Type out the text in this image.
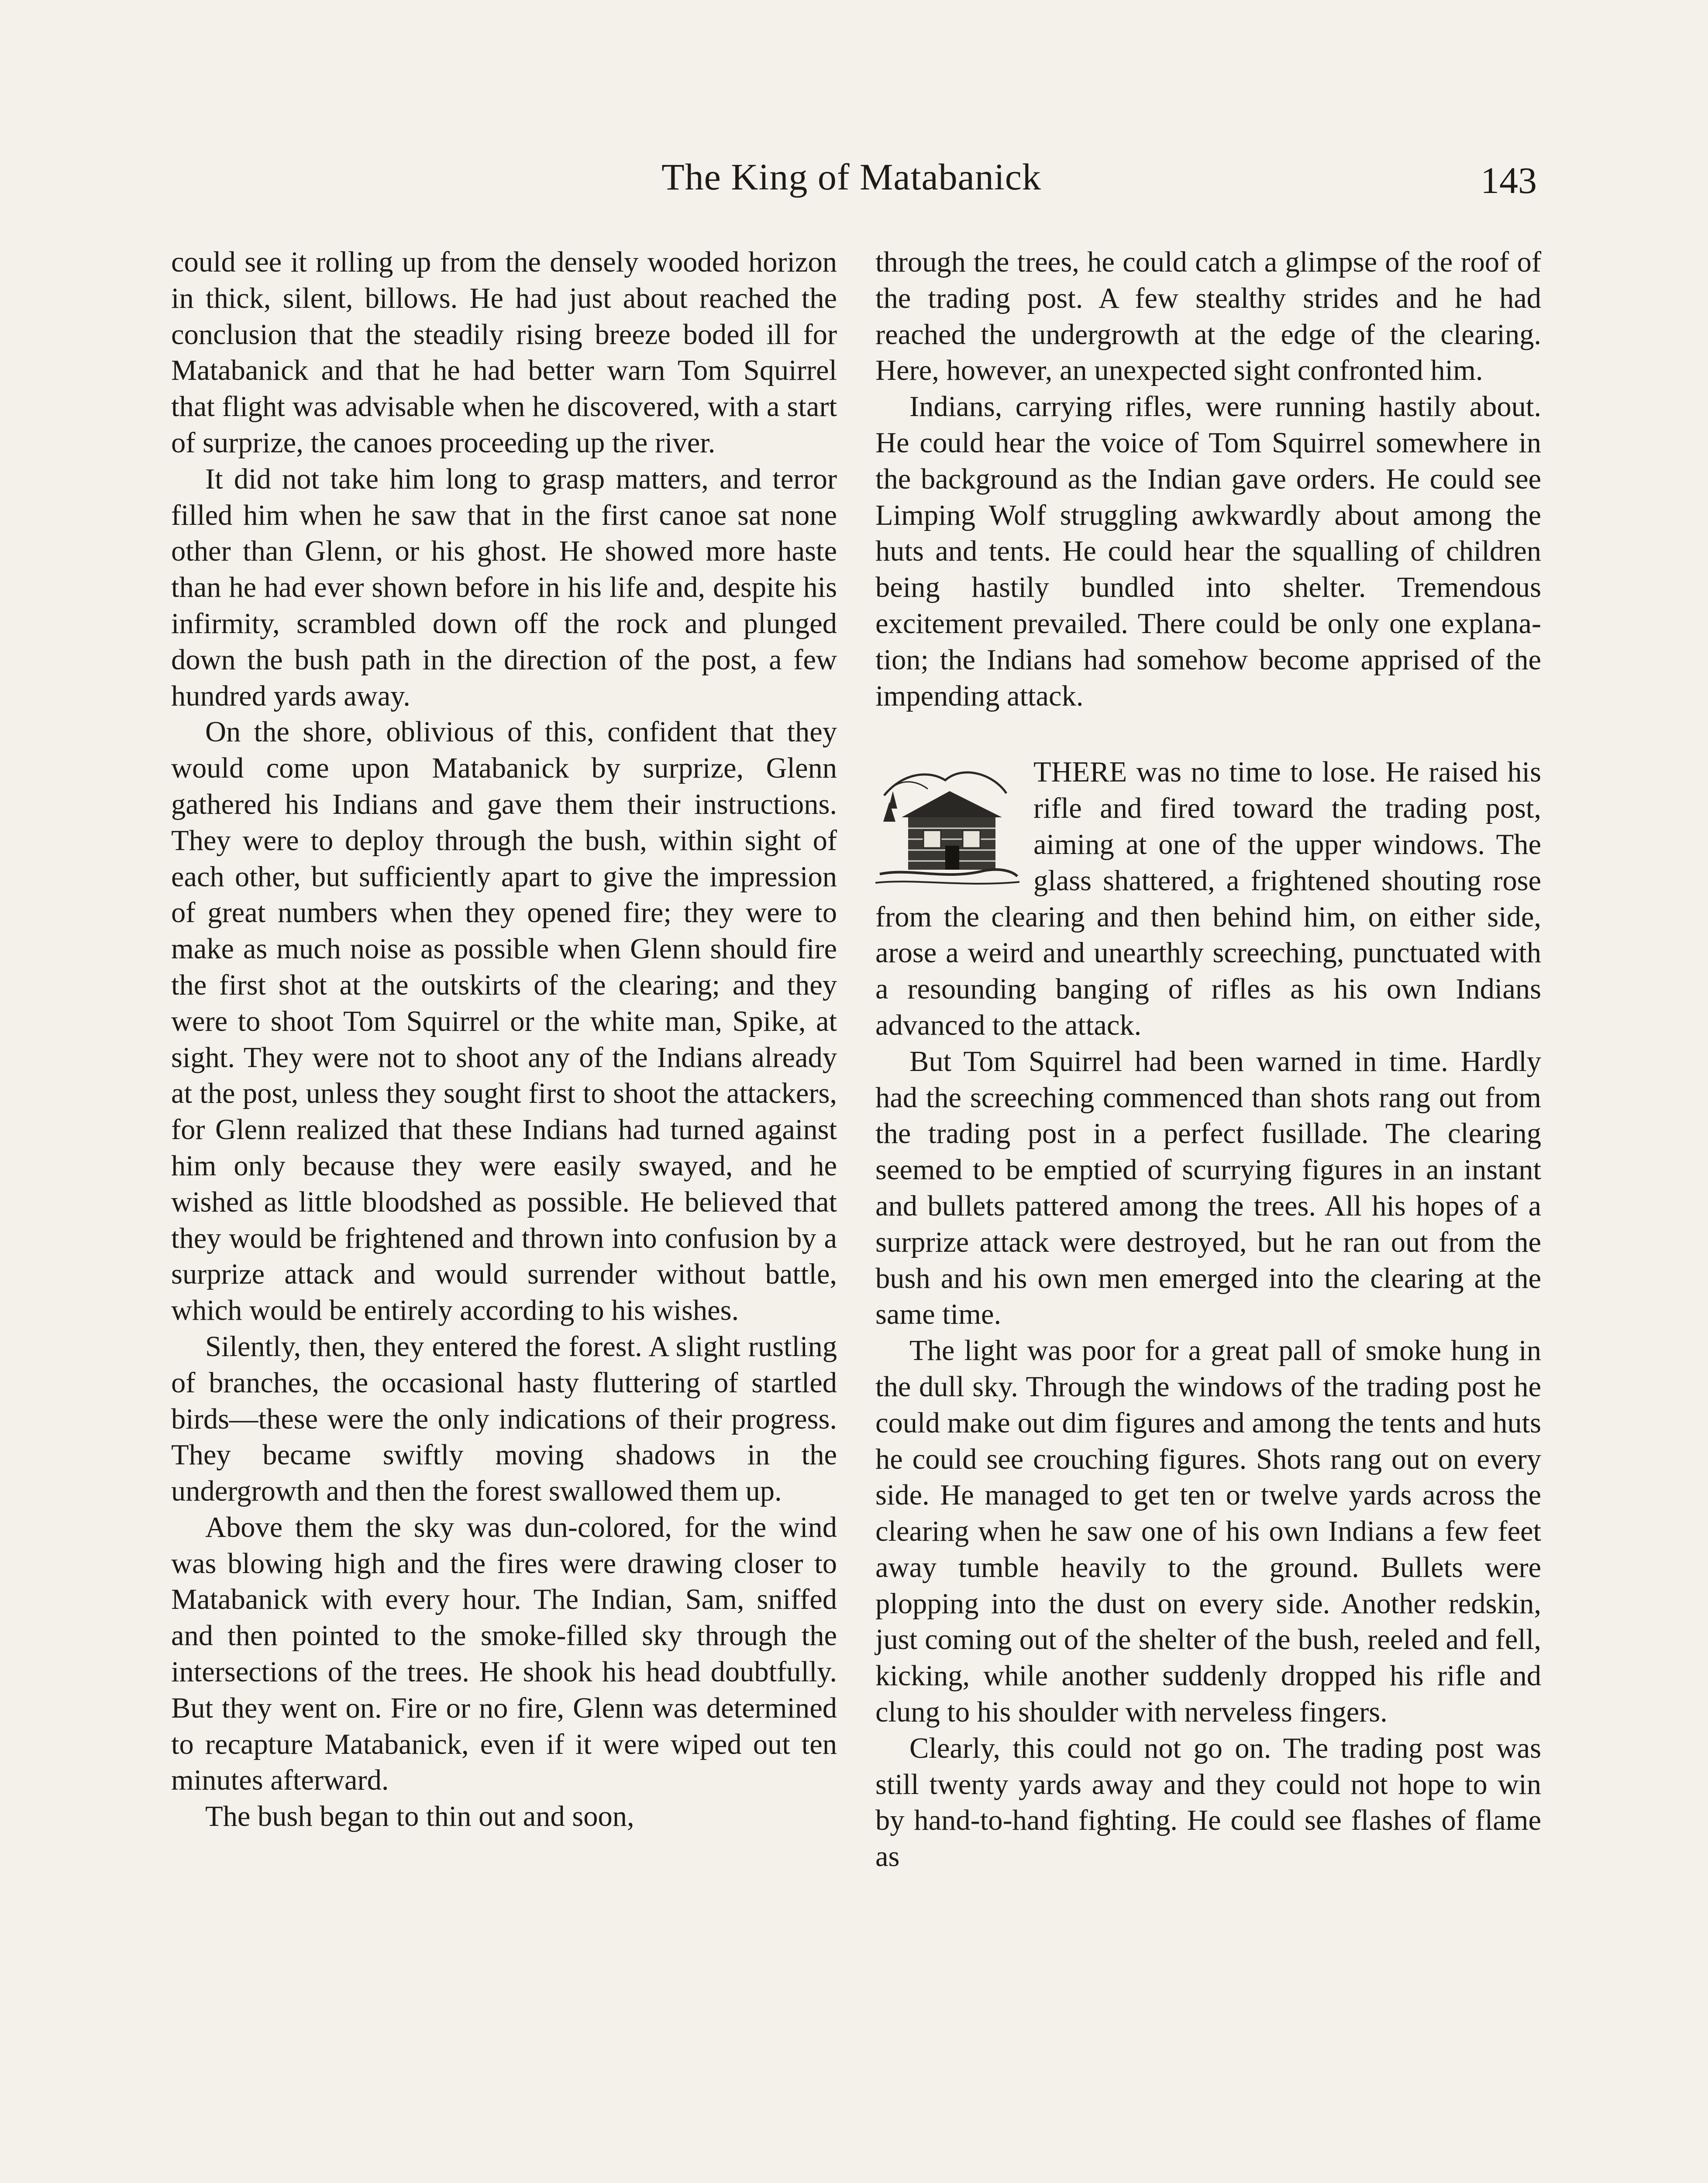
The King of Matabanick	143

could see it rolling up from the densely wooded horizon in thick, silent, billows. He had just about reached the conclusion that the steadily rising breeze boded ill for Matabanick and that he had better warn Tom Squirrel that flight was advisable when he discovered, with a start of surprize, the canoes proceeding up the river.

It did not take him long to grasp matters, and terror filled him when he saw that in the first canoe sat none other than Glenn, or his ghost. He showed more haste than he had ever shown before in his life and, despite his infirmity, scrambled down off the rock and plunged down the bush path in the direction of the post, a few hundred yards away.

On the shore, oblivious of this, confident that they would come upon Matabanick by surprize, Glenn gathered his Indians and gave them their instructions. They were to deploy through the bush, within sight of each other, but sufficiently apart to give the impression of great numbers when they opened fire; they were to make as much noise as possible when Glenn should fire the first shot at the outskirts of the clearing; and they were to shoot Tom Squirrel or the white man, Spike, at sight. They were not to shoot any of the Indians already at the post, unless they sought first to shoot the attackers, for Glenn realized that these Indians had turned against him only because they were easily swayed, and he wished as little bloodshed as possible. He believed that they would be frightened and thrown into confusion by a surprize attack and would surrender without battle, which would be entirely according to his wishes.

Silently, then, they entered the forest. A slight rustling of branches, the occasional hasty fluttering of startled birds—these were the only indications of their progress. They became swiftly moving shadows in the undergrowth and then the forest swallowed them up.

Above them the sky was dun-colored, for the wind was blowing high and the fires were drawing closer to Matabanick with every hour. The Indian, Sam, sniffed and then pointed to the smoke-filled sky through the intersections of the trees. He shook his head doubtfully. But they went on. Fire or no fire, Glenn was determined to recapture Matabanick, even if it were wiped out ten minutes afterward.

The bush began to thin out and soon,

through the trees, he could catch a glimpse of the roof of the trading post. A few stealthy strides and he had reached the undergrowth at the edge of the clearing. Here, however, an unexpected sight confronted him.

Indians, carrying rifles, were running hastily about. He could hear the voice of Tom Squirrel somewhere in the background as the Indian gave orders. He could see Limping Wolf struggling awkwardly about among the huts and tents. He could hear the squalling of children being hastily bundled into shelter. Tremendous excitement prevailed. There could be only one explanation; the Indians had somehow become apprised of the impending attack.

THERE was no time to lose. He raised his rifle and fired toward the trading post, aiming at one of the upper windows. The glass shattered, a frightened shouting rose from the clearing and then behind him, on either side, arose a weird and unearthly screeching, punctuated with a resounding banging of rifles as his own Indians advanced to the attack.

But Tom Squirrel had been warned in time. Hardly had the screeching commenced than shots rang out from the trading post in a perfect fusillade. The clearing seemed to be emptied of scurrying figures in an instant and bullets pattered among the trees. All his hopes of a surprize attack were destroyed, but he ran out from the bush and his own men emerged into the clearing at the same time.

The light was poor for a great pall of smoke hung in the dull sky. Through the windows of the trading post he could make out dim figures and among the tents and huts he could see crouching figures. Shots rang out on every side. He managed to get ten or twelve yards across the clearing when he saw one of his own Indians a few feet away tumble heavily to the ground. Bullets were plopping into the dust on every side. Another redskin, just coming out of the shelter of the bush, reeled and fell, kicking, while another suddenly dropped his rifle and clung to his shoulder with nerveless fingers.

Clearly, this could not go on. The trading post was still twenty yards away and they could not hope to win by hand-to-hand fighting. He could see flashes of flame as
